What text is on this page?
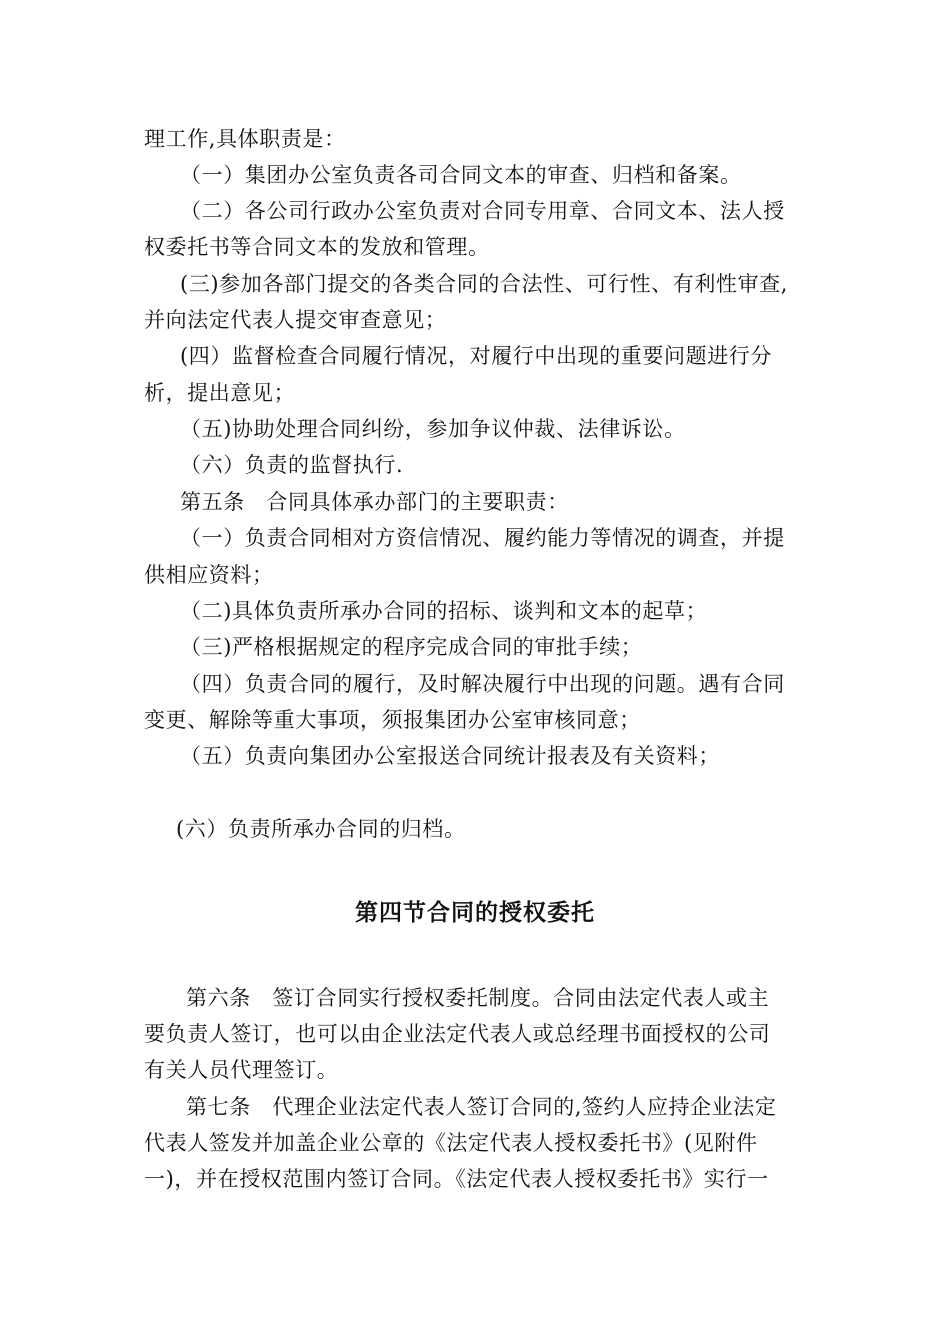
理工作,具体职责是：
（一）集团办公室负责各司合同文本的审查、归档和备案。
（二）各公司行政办公室负责对合同专用章、合同文本、法人授
权委托书等合同文本的发放和管理。
(三)参加各部门提交的各类合同的合法性、可行性、有利性审查,
并向法定代表人提交审查意见；
(四）监督检查合同履行情况，对履行中出现的重要问题进行分
析，提出意见；
（五)协助处理合同纠纷，参加争议仲裁、法律诉讼。
（六）负责的监督执行.
第五条　合同具体承办部门的主要职责：
（一）负责合同相对方资信情况、履约能力等情况的调查，并提
供相应资料；
（二)具体负责所承办合同的招标、谈判和文本的起草；
（三)严格根据规定的程序完成合同的审批手续；
（四）负责合同的履行，及时解决履行中出现的问题。遇有合同
变更、解除等重大事项，须报集团办公室审核同意；
（五）负责向集团办公室报送合同统计报表及有关资料；
(六）负责所承办合同的归档。
第四节合同的授权委托
第六条　签订合同实行授权委托制度。合同由法定代表人或主
要负责人签订，也可以由企业法定代表人或总经理书面授权的公司
有关人员代理签订。
第七条　代理企业法定代表人签订合同的,签约人应持企业法定
代表人签发并加盖企业公章的《法定代表人授权委托书》(见附件
一)，并在授权范围内签订合同。《法定代表人授权委托书》实行一
